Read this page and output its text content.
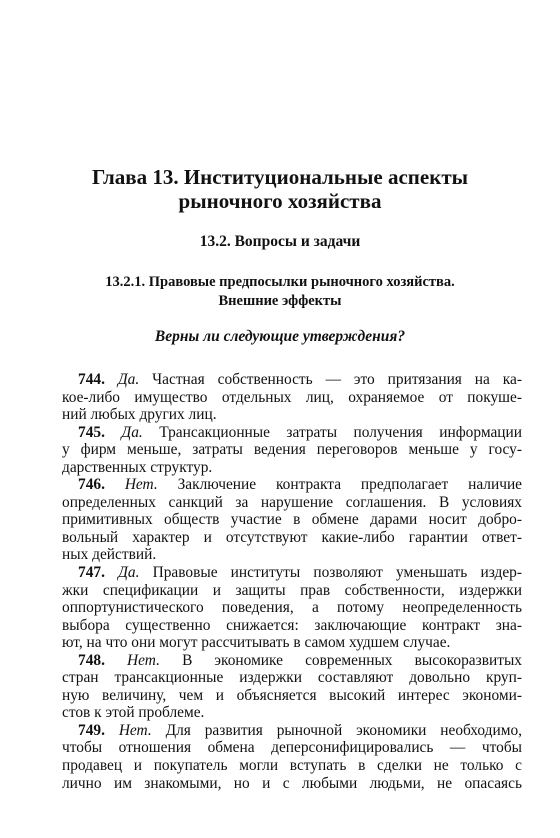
Глава 13. Институциональные аспекты
рыночного хозяйства
13.2. Вопросы и задачи
13.2.1. Правовые предпосылки рыночного хозяйства.
Внешние эффекты
Верны ли следующие утверждения?
744. Да. Частная собственность — это притязания на ка-
кое-либо имущество отдельных лиц, охраняемое от покуше-
ний любых других лиц.
745. Да. Трансакционные затраты получения информации
у фирм меньше, затраты ведения переговоров меньше у госу-
дарственных структур.
746. Нет. Заключение контракта предполагает наличие
определенных санкций за нарушение соглашения. В условиях
примитивных обществ участие в обмене дарами носит добро-
вольный характер и отсутствуют какие-либо гарантии ответ-
ных действий.
747. Да. Правовые институты позволяют уменьшать издер-
жки спецификации и защиты прав собственности, издержки
оппортунистического поведения, а потому неопределенность
выбора существенно снижается: заключающие контракт зна-
ют, на что они могут рассчитывать в самом худшем случае.
748. Нет. В экономике современных высокоразвитых
стран трансакционные издержки составляют довольно круп-
ную величину, чем и объясняется высокий интерес экономи-
стов к этой проблеме.
749. Нет. Для развития рыночной экономики необходимо,
чтобы отношения обмена деперсонифицировались — чтобы
продавец и покупатель могли вступать в сделки не только с
лично им знакомыми, но и с любыми людьми, не опасаясь
